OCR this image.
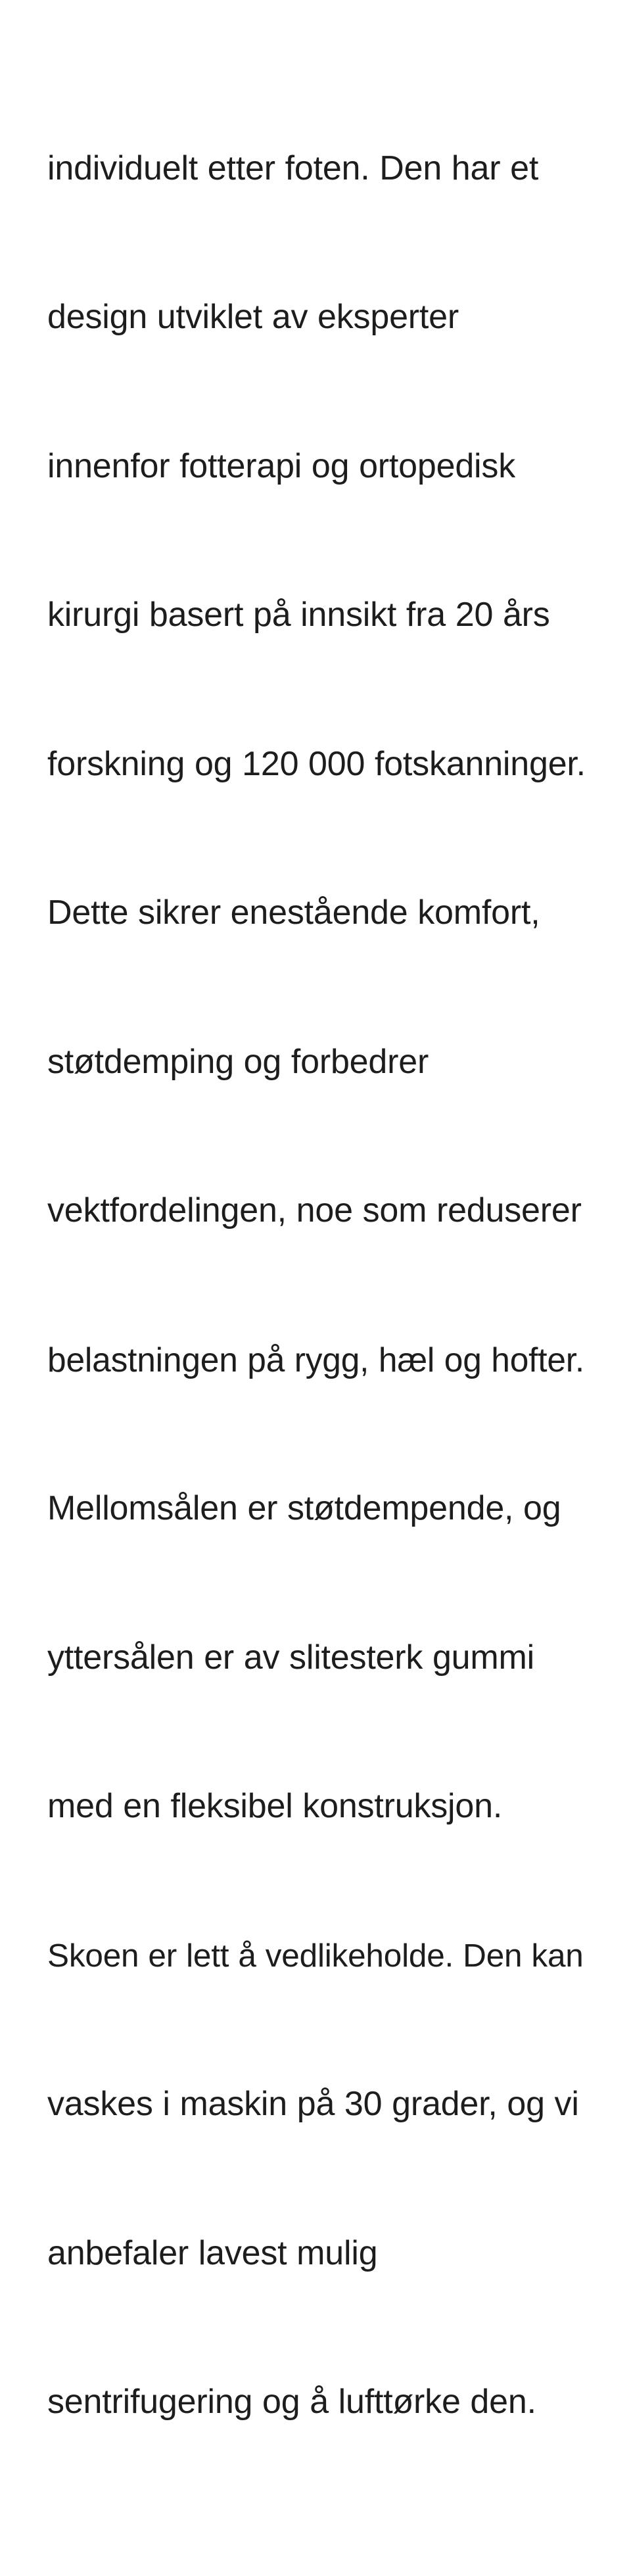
individuelt etter foten. Den har et

design utviklet av eksperter

innenfor fotterapi og ortopedisk

kirurgi basert på innsikt fra 20 års

forskning og 120 000 fotskanninger.

Dette sikrer enestående komfort,

støtdemping og forbedrer

vektfordelingen, noe som reduserer

belastningen på rygg, hæl og hofter.

Mellomsålen er støtdempende, og

yttersålen er av slitesterk gummi

med en fleksibel konstruksjon.

Skoen er lett å vedlikeholde. Den kan

vaskes i maskin på 30 grader, og vi

anbefaler lavest mulig

sentrifugering og å lufttørke den.
